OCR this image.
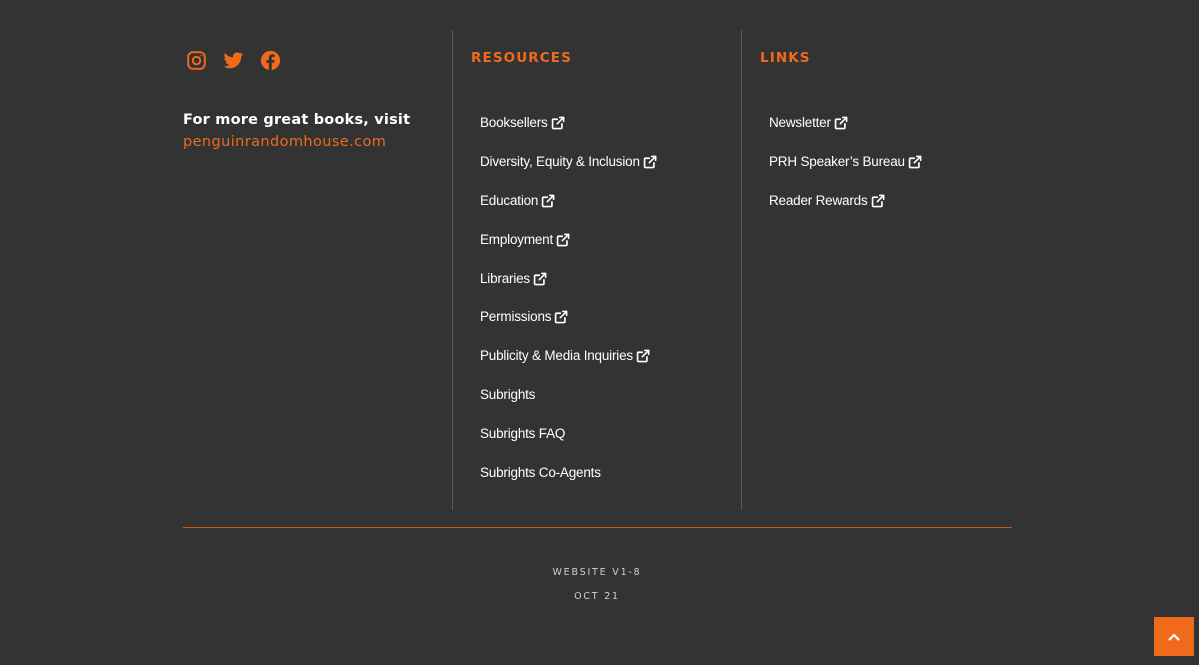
For more great books, visit
penguinrandomhouse.com
RESOURCES
Booksellers
Diversity, Equity & Inclusion
Education
Employment
Libraries
Permissions
Publicity & Media Inquiries
Subrights
Subrights FAQ
Subrights Co-Agents
LINKS
Newsletter
PRH Speaker’s Bureau
Reader Rewards
WEBSITE V1-8
OCT 21
